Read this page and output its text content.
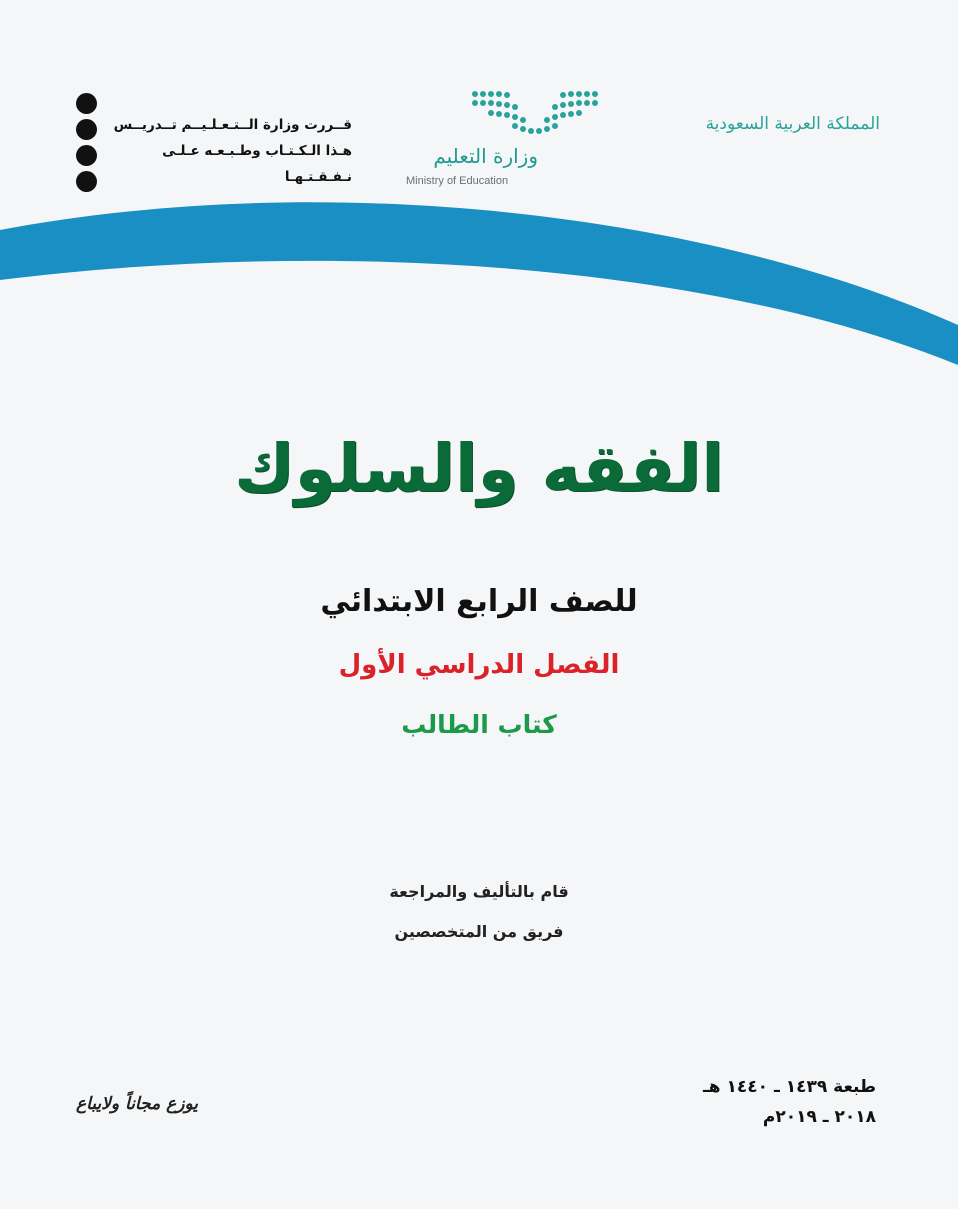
المملكة العربية السعودية
وزارة التعليم
Ministry of Education
قــررت وزارة الــتـعـلـيــم تــدريــس
هـذا الـكـتـاب وطـبـعـه عـلـى نـفـقـتـهـا
الفقه والسلوك
للصف الرابع الابتدائي
الفصل الدراسي الأول
كتاب الطالب
قام بالتأليف والمراجعة
فريق من المتخصصين
يوزع مجاناً ولايباع
طبعة ١٤٣٩ ـ ١٤٤٠ هـ
٢٠١٨ ـ ٢٠١٩م
